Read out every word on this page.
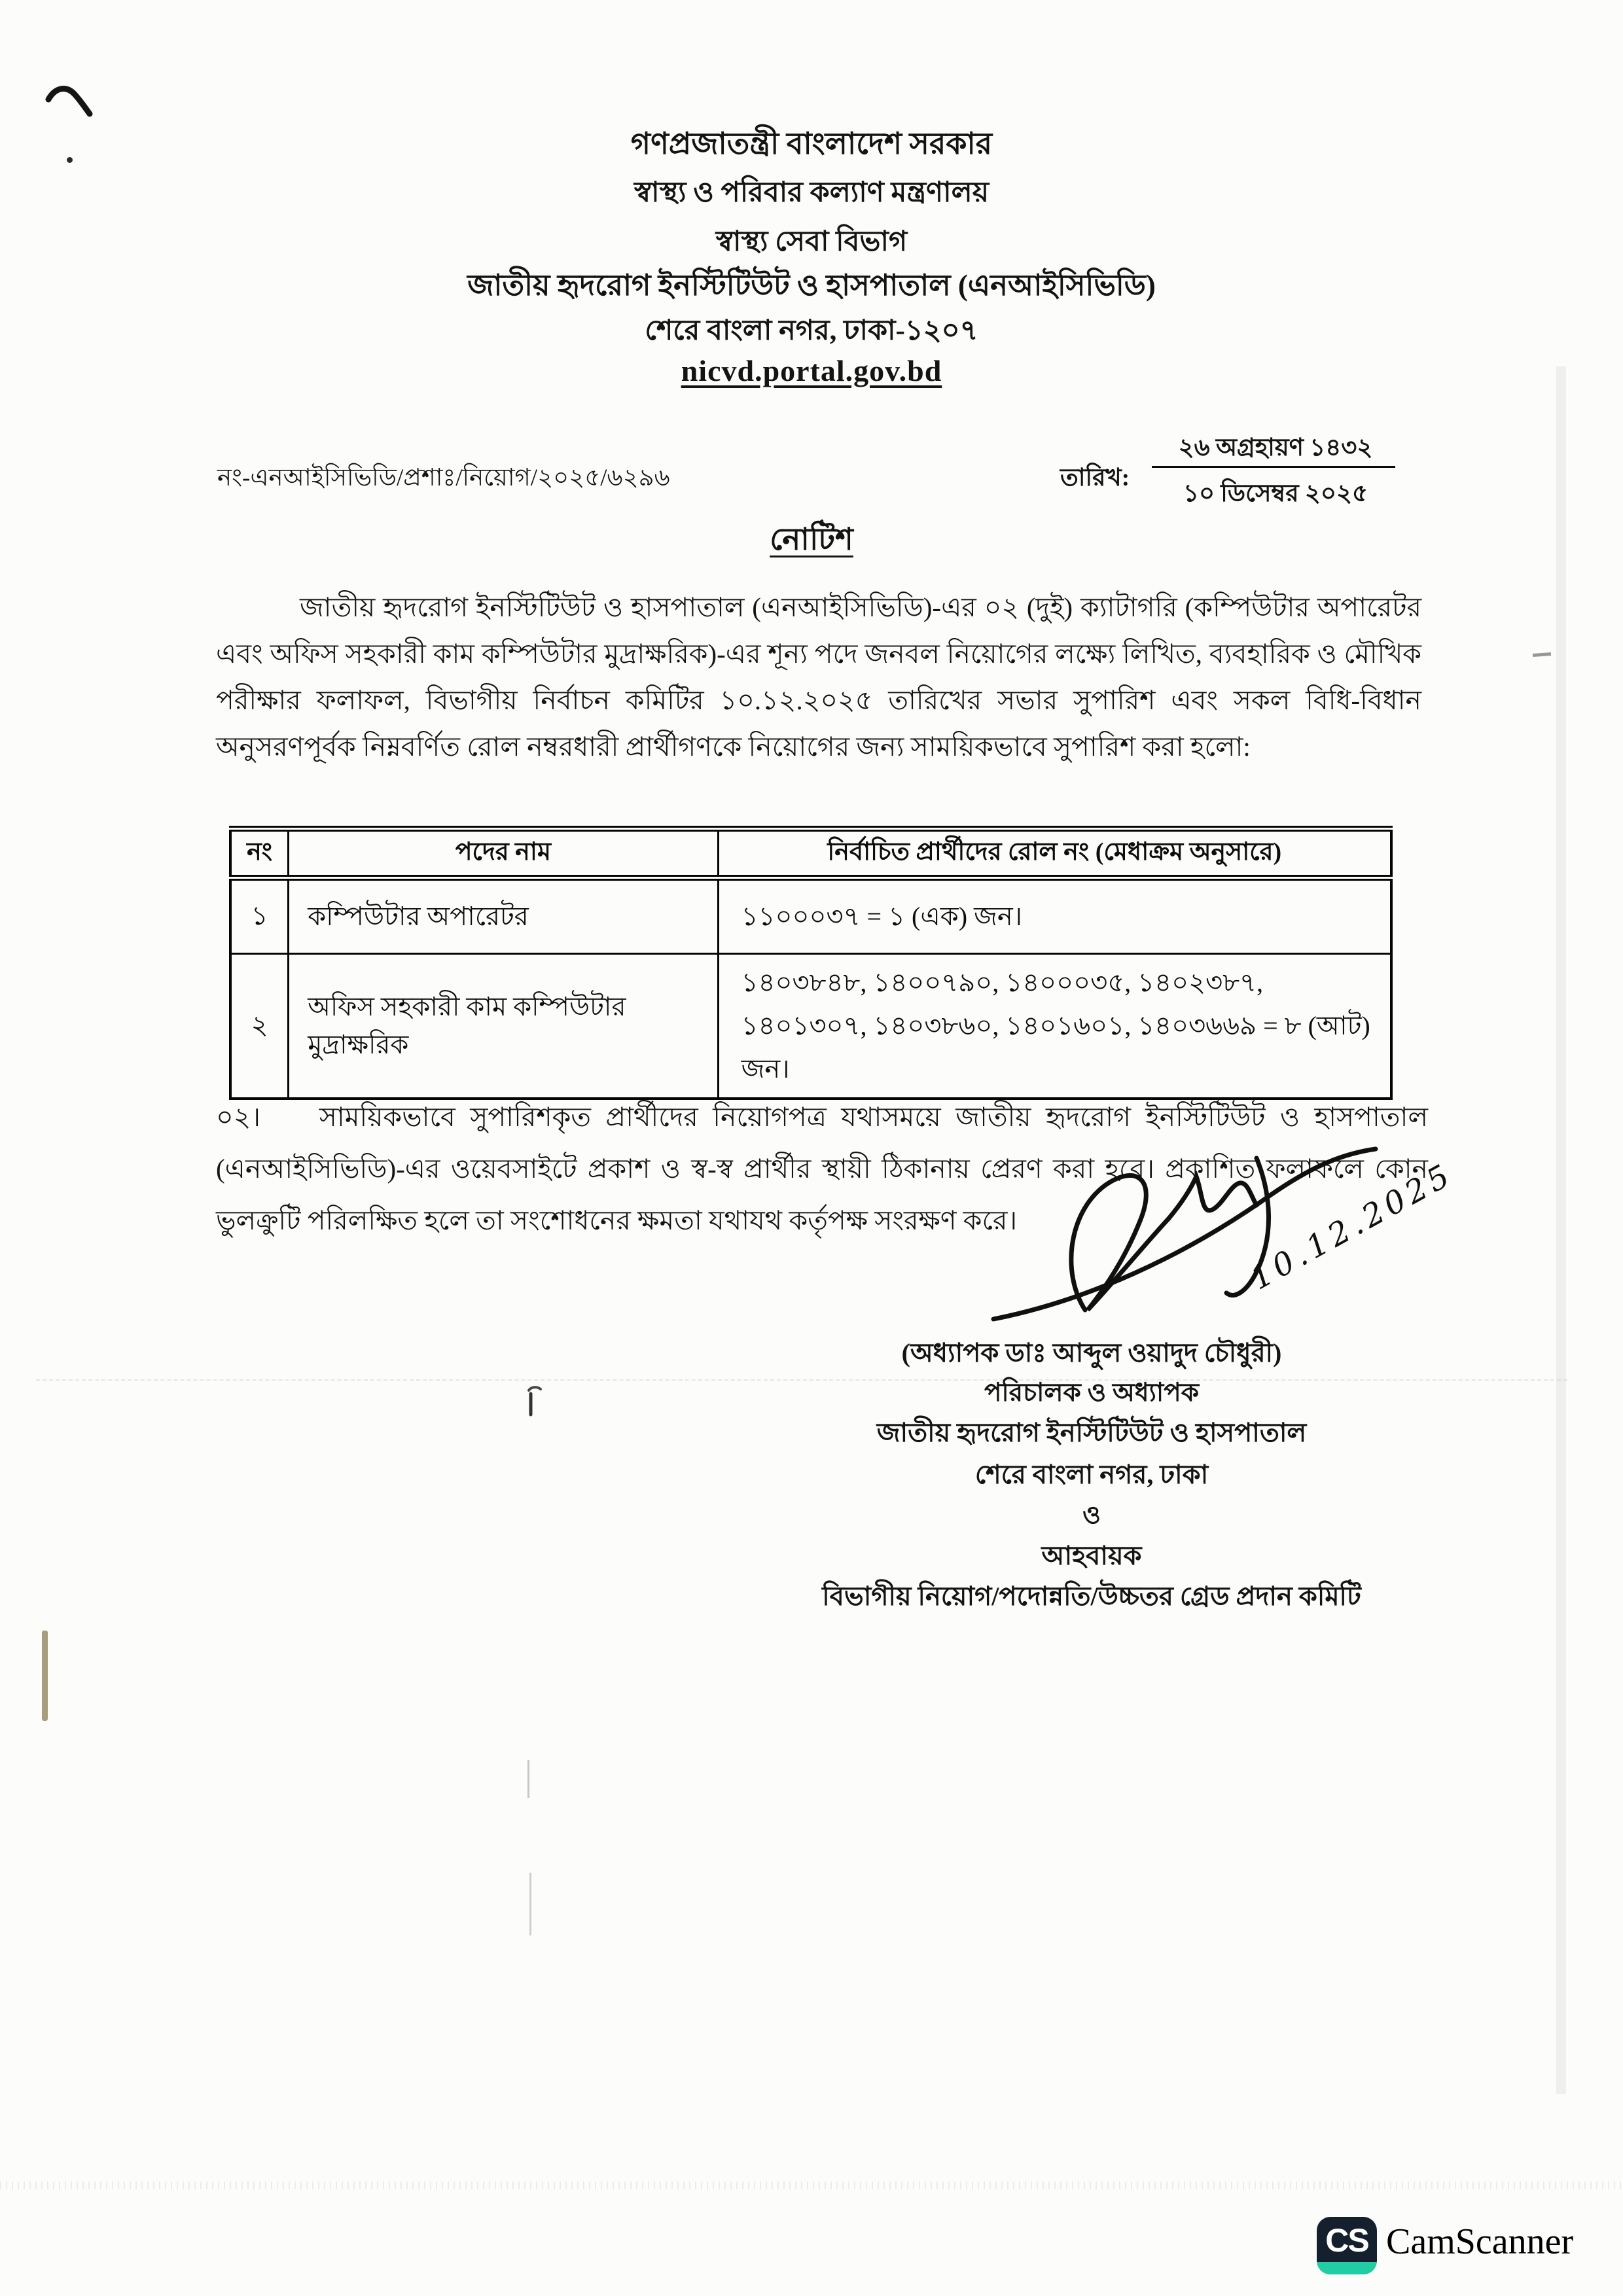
গণপ্রজাতন্ত্রী বাংলাদেশ সরকার
স্বাস্থ্য ও পরিবার কল্যাণ মন্ত্রণালয়
স্বাস্থ্য সেবা বিভাগ
জাতীয় হৃদরোগ ইনস্টিটিউট ও হাসপাতাল (এনআইসিভিডি)
শেরে বাংলা নগর, ঢাকা-১২০৭
nicvd.portal.gov.bd
নং-এনআইসিভিডি/প্রশাঃ/নিয়োগ/২০২৫/৬২৯৬	তারিখ:
২৬ অগ্রহায়ণ ১৪৩২
১০ ডিসেম্বর ২০২৫
নোটিশ
জাতীয় হৃদরোগ ইনস্টিটিউট ও হাসপাতাল (এনআইসিভিডি)-এর ০২ (দুই) ক্যাটাগরি (কম্পিউটার অপারেটর এবং অফিস সহকারী কাম কম্পিউটার মুদ্রাক্ষরিক)-এর শূন্য পদে জনবল নিয়োগের লক্ষ্যে লিখিত, ব্যবহারিক ও মৌখিক পরীক্ষার ফলাফল, বিভাগীয় নির্বাচন কমিটির ১০.১২.২০২৫ তারিখের সভার সুপারিশ এবং সকল বিধি-বিধান অনুসরণপূর্বক নিম্নবর্ণিত রোল নম্বরধারী প্রার্থীগণকে নিয়োগের জন্য সাময়িকভাবে সুপারিশ করা হলো:
নং	পদের নাম	নির্বাচিত প্রার্থীদের রোল নং (মেধাক্রম অনুসারে)
১	কম্পিউটার অপারেটর	১১০০০৩৭ = ১ (এক) জন।
২	অফিস সহকারী কাম কম্পিউটার মুদ্রাক্ষরিক	১৪০৩৮৪৮, ১৪০০৭৯০, ১৪০০০৩৫, ১৪০২৩৮৭, ১৪০১৩০৭, ১৪০৩৮৬০, ১৪০১৬০১, ১৪০৩৬৬৯ = ৮ (আট) জন।
০২।    সাময়িকভাবে সুপারিশকৃত প্রার্থীদের নিয়োগপত্র যথাসময়ে জাতীয় হৃদরোগ ইনস্টিটিউট ও হাসপাতাল (এনআইসিভিডি)-এর ওয়েবসাইটে প্রকাশ ও স্ব-স্ব প্রার্থীর স্থায়ী ঠিকানায় প্রেরণ করা হবে। প্রকাশিত ফলাফলে কোন ভুলক্রুটি পরিলক্ষিত হলে তা সংশোধনের ক্ষমতা যথাযথ কর্তৃপক্ষ সংরক্ষণ করে।	10.12.2025
(অধ্যাপক ডাঃ আব্দুল ওয়াদুদ চৌধুরী)
পরিচালক ও অধ্যাপক
জাতীয় হৃদরোগ ইনস্টিটিউট ও হাসপাতাল
শেরে বাংলা নগর, ঢাকা
ও
আহবায়ক
বিভাগীয় নিয়োগ/পদোন্নতি/উচ্চতর গ্রেড প্রদান কমিটি
CS CamScanner
